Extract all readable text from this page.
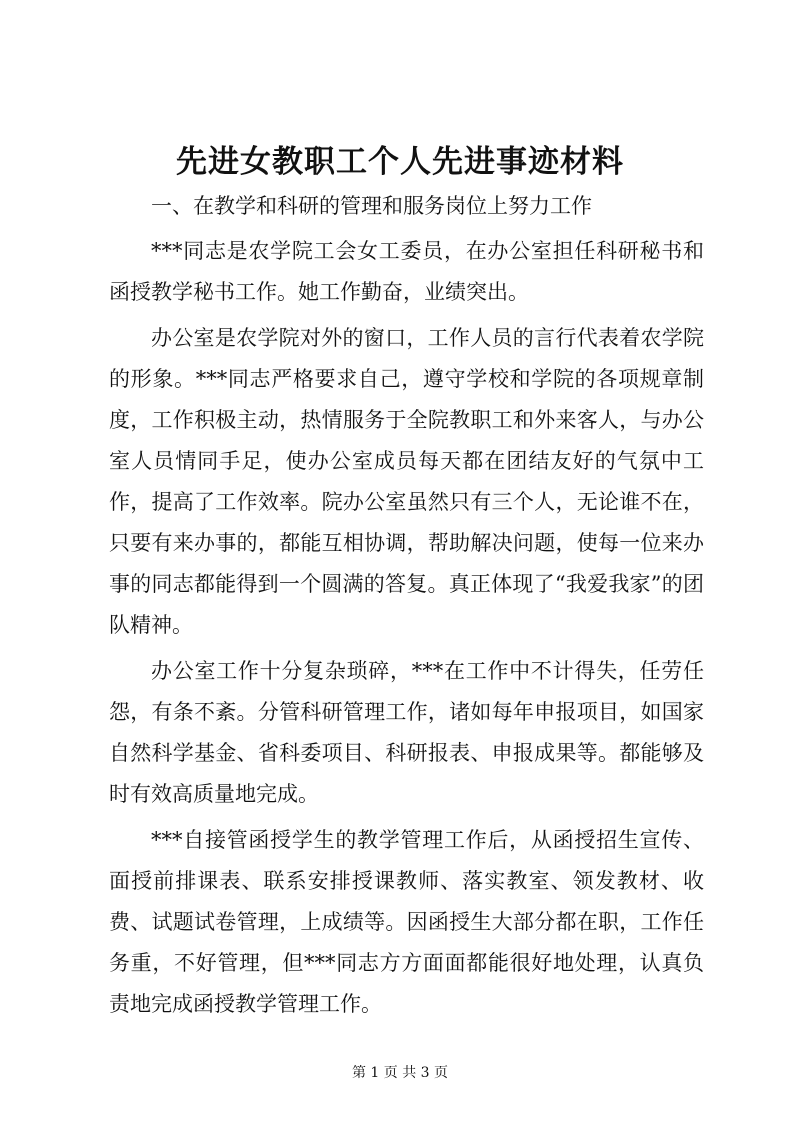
先进女教职工个人先进事迹材料

一、在教学和科研的管理和服务岗位上努力工作

***同志是农学院工会女工委员，在办公室担任科研秘书和函授教学秘书工作。她工作勤奋，业绩突出。

办公室是农学院对外的窗口，工作人员的言行代表着农学院的形象。***同志严格要求自己，遵守学校和学院的各项规章制度，工作积极主动，热情服务于全院教职工和外来客人，与办公室人员情同手足，使办公室成员每天都在团结友好的气氛中工作，提高了工作效率。院办公室虽然只有三个人，无论谁不在，只要有来办事的，都能互相协调，帮助解决问题，使每一位来办事的同志都能得到一个圆满的答复。真正体现了“我爱我家”的团队精神。

办公室工作十分复杂琐碎，***在工作中不计得失，任劳任怨，有条不紊。分管科研管理工作，诸如每年申报项目，如国家自然科学基金、省科委项目、科研报表、申报成果等。都能够及时有效高质量地完成。

***自接管函授学生的教学管理工作后，从函授招生宣传、面授前排课表、联系安排授课教师、落实教室、领发教材、收费、试题试卷管理，上成绩等。因函授生大部分都在职，工作任务重，不好管理，但***同志方方面面都能很好地处理，认真负责地完成函授教学管理工作。

第 1 页 共 3 页
